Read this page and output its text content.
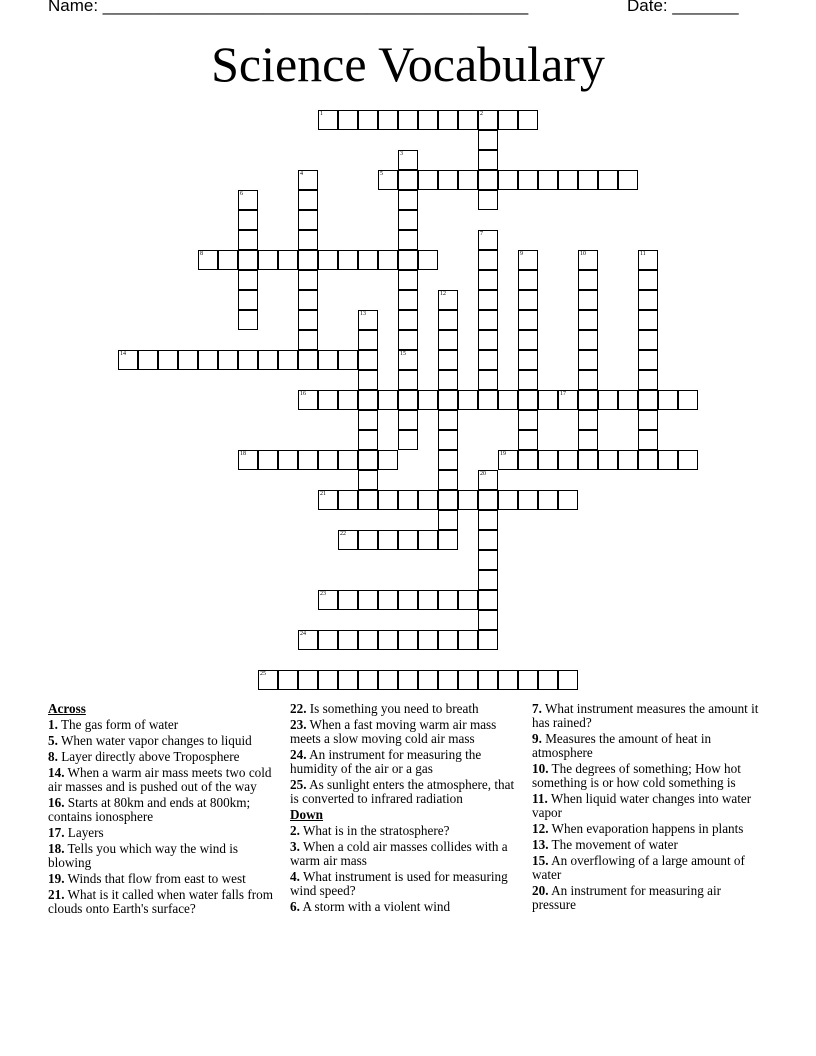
Name: _____________________________________________	Date: _______
Science Vocabulary
1	2
3
4	5
6
7
8	9	10	11
12
13
14	15
16	17
18	19
20
21
22
23
24
25
Across
1. The gas form of water
5. When water vapor changes to liquid
8. Layer directly above Troposphere
14. When a warm air mass meets two cold air masses and is pushed out of the way
16. Starts at 80km and ends at 800km; contains ionosphere
17. Layers
18. Tells you which way the wind is blowing
19. Winds that flow from east to west
21. What is it called when water falls from clouds onto Earth's surface?
22. Is something you need to breath
23. When a fast moving warm air mass meets a slow moving cold air mass
24. An instrument for measuring the humidity of the air or a gas
25. As sunlight enters the atmosphere, that is converted to infrared radiation
Down
2. What is in the stratosphere?
3. When a cold air masses collides with a warm air mass
4. What instrument is used for measuring wind speed?
6. A storm with a violent wind
7. What instrument measures the amount it has rained?
9. Measures the amount of heat in atmosphere
10. The degrees of something; How hot something is or how cold something is
11. When liquid water changes into water vapor
12. When evaporation happens in plants
13. The movement of water
15. An overflowing of a large amount of water
20. An instrument for measuring air pressure
